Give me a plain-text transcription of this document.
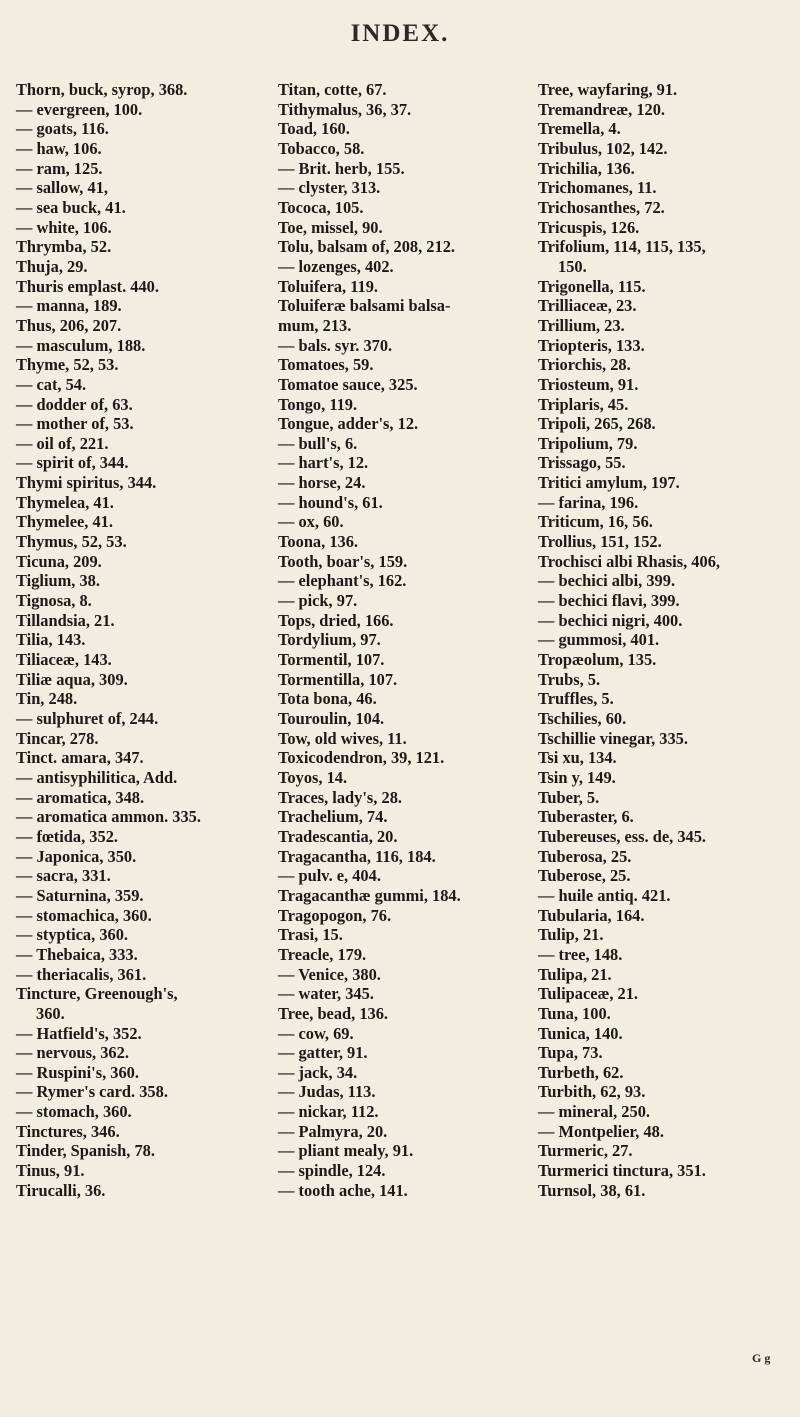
INDEX.
Thorn, buck, syrop, 368.
— evergreen, 100.
— goats, 116.
— haw, 106.
— ram, 125.
— sallow, 41,
— sea buck, 41.
— white, 106.
Thrymba, 52.
Thuja, 29.
Thuris emplast. 440.
— manna, 189.
Thus, 206, 207.
— masculum, 188.
Thyme, 52, 53.
— cat, 54.
— dodder of, 63.
— mother of, 53.
— oil of, 221.
— spirit of, 344.
Thymi spiritus, 344.
Thymelea, 41.
Thymelee, 41.
Thymus, 52, 53.
Ticuna, 209.
Tiglium, 38.
Tignosa, 8.
Tillandsia, 21.
Tilia, 143.
Tiliaceæ, 143.
Tiliæ aqua, 309.
Tin, 248.
— sulphuret of, 244.
Tincar, 278.
Tinct. amara, 347.
— antisyphilitica, Add.
— aromatica, 348.
— aromatica ammon. 335.
— fœtida, 352.
— Japonica, 350.
— sacra, 331.
— Saturnina, 359.
— stomachica, 360.
— styptica, 360.
— Thebaica, 333.
— theriacalis, 361.
Tincture, Greenough's,
360.
— Hatfield's, 352.
— nervous, 362.
— Ruspini's, 360.
— Rymer's card. 358.
— stomach, 360.
Tinctures, 346.
Tinder, Spanish, 78.
Tinus, 91.
Tirucalli, 36.
Titan, cotte, 67.
Tithymalus, 36, 37.
Toad, 160.
Tobacco, 58.
— Brit. herb, 155.
— clyster, 313.
Tococa, 105.
Toe, missel, 90.
Tolu, balsam of, 208, 212.
— lozenges, 402.
Toluifera, 119.
Toluiferæ balsami balsa-
mum, 213.
— bals. syr. 370.
Tomatoes, 59.
Tomatoe sauce, 325.
Tongo, 119.
Tongue, adder's, 12.
— bull's, 6.
— hart's, 12.
— horse, 24.
— hound's, 61.
— ox, 60.
Toona, 136.
Tooth, boar's, 159.
— elephant's, 162.
— pick, 97.
Tops, dried, 166.
Tordylium, 97.
Tormentil, 107.
Tormentilla, 107.
Tota bona, 46.
Touroulin, 104.
Tow, old wives, 11.
Toxicodendron, 39, 121.
Toyos, 14.
Traces, lady's, 28.
Trachelium, 74.
Tradescantia, 20.
Tragacantha, 116, 184.
— pulv. e, 404.
Tragacanthæ gummi, 184.
Tragopogon, 76.
Trasi, 15.
Treacle, 179.
— Venice, 380.
— water, 345.
Tree, bead, 136.
— cow, 69.
— gatter, 91.
— jack, 34.
— Judas, 113.
— nickar, 112.
— Palmyra, 20.
— pliant mealy, 91.
— spindle, 124.
— tooth ache, 141.
Tree, wayfaring, 91.
Tremandreæ, 120.
Tremella, 4.
Tribulus, 102, 142.
Trichilia, 136.
Trichomanes, 11.
Trichosanthes, 72.
Tricuspis, 126.
Trifolium, 114, 115, 135,
150.
Trigonella, 115.
Trilliaceæ, 23.
Trillium, 23.
Triopteris, 133.
Triorchis, 28.
Triosteum, 91.
Triplaris, 45.
Tripoli, 265, 268.
Tripolium, 79.
Trissago, 55.
Tritici amylum, 197.
— farina, 196.
Triticum, 16, 56.
Trollius, 151, 152.
Trochisci albi Rhasis, 406,
— bechici albi, 399.
— bechici flavi, 399.
— bechici nigri, 400.
— gummosi, 401.
Tropæolum, 135.
Trubs, 5.
Truffles, 5.
Tschilies, 60.
Tschillie vinegar, 335.
Tsi xu, 134.
Tsin y, 149.
Tuber, 5.
Tuberaster, 6.
Tubereuses, ess. de, 345.
Tuberosa, 25.
Tuberose, 25.
— huile antiq. 421.
Tubularia, 164.
Tulip, 21.
— tree, 148.
Tulipa, 21.
Tulipaceæ, 21.
Tuna, 100.
Tunica, 140.
Tupa, 73.
Turbeth, 62.
Turbith, 62, 93.
— mineral, 250.
— Montpelier, 48.
Turmeric, 27.
Turmerici tinctura, 351.
Turnsol, 38, 61.
G g
